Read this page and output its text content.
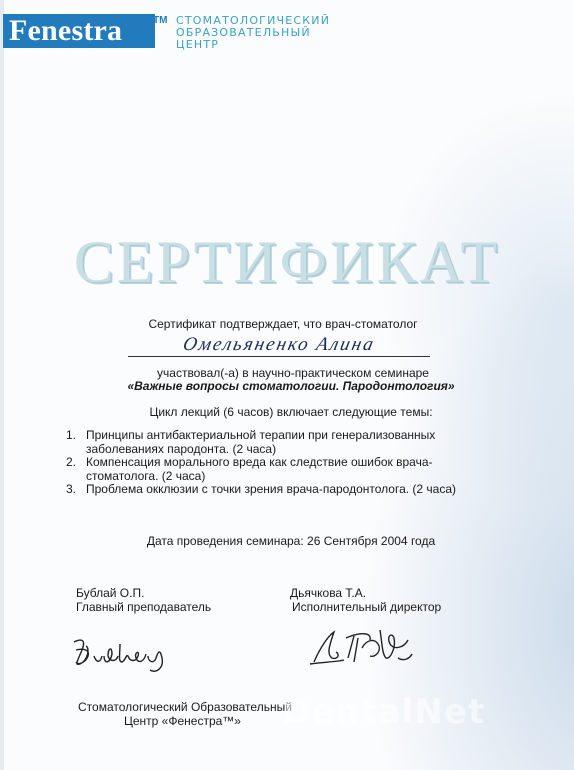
Fenestra	TM СТОМАТОЛОГИЧЕСКИЙ
ОБРАЗОВАТЕЛЬНЫЙ
ЦЕНТР
СЕРТИФИКАТ
Сертификат подтверждает, что врач-стоматолог
Омельяненко Алина
участвовал(-а) в научно-практическом семинаре
«Важные вопросы стоматологии. Пародонтология»
Цикл лекций (6 часов) включает следующие темы:
1. Принципы антибактериальной терапии при генерализованных
заболеваниях пародонта. (2 часа)
2. Компенсация морального вреда как следствие ошибок врача-
стоматолога. (2 часа)
3. Проблема окклюзии с точки зрения врача-пародонтолога. (2 часа)
Дата проведения семинара: 26 Сентября 2004 года
Бублай О.П.
Главный преподаватель
Дьячкова Т.А.
Исполнительный директор
Стоматологический Образовательный
Центр «Фенестра™» DentalNet
